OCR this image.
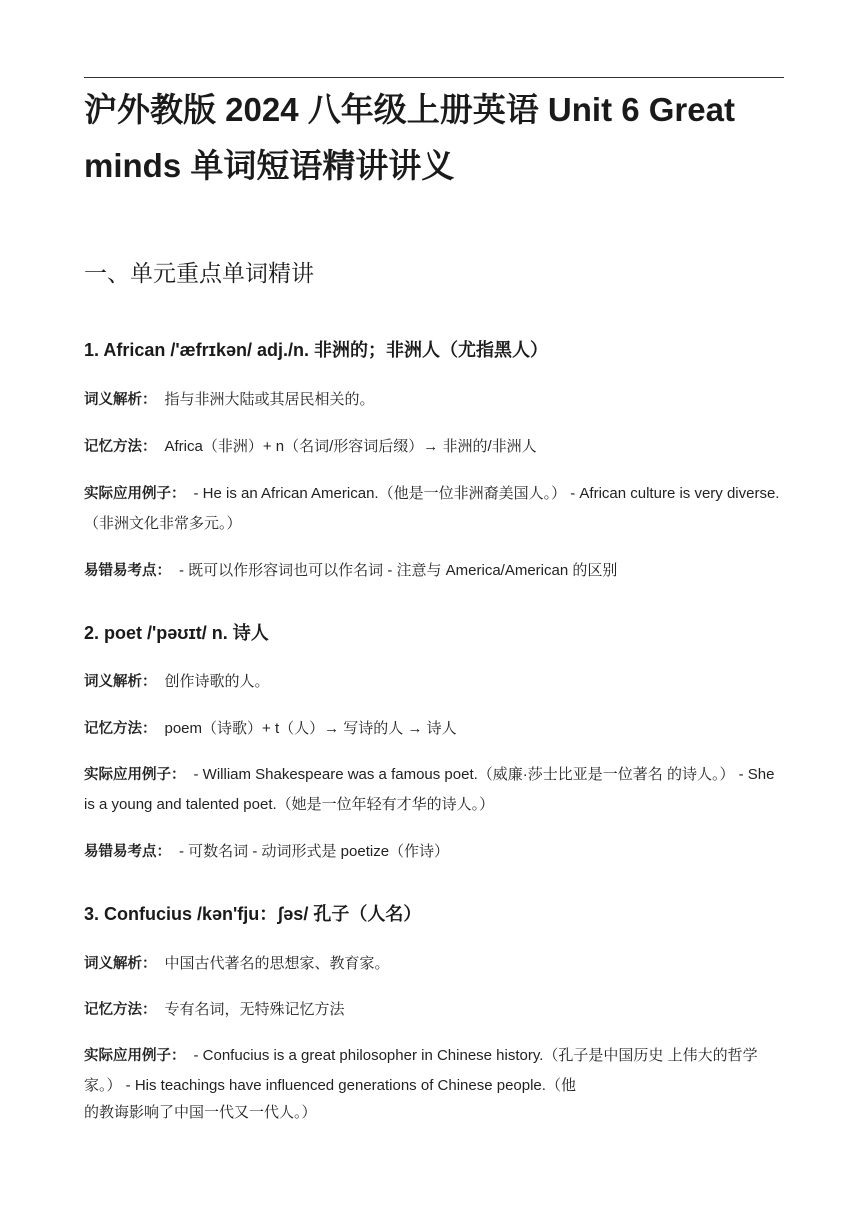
沪外教版 2024 八年级上册英语 Unit 6 Great minds 单词短语精讲讲义
一、单元重点单词精讲
1. African /'æfrɪkən/ adj./n. 非洲的；非洲人（尤指黑人）

词义解析： 指与非洲大陆或其居民相关的。

记忆方法： Africa（非洲）+ n（名词/形容词后缀）→ 非洲的/非洲人

实际应用例子： - He is an African American.（他是一位非洲裔美国人。） - African culture is very diverse.（非洲文化非常多元。）

易错易考点： - 既可以作形容词也可以作名词 - 注意与 America/American 的区别

2. poet /'pəʊɪt/ n. 诗人

词义解析： 创作诗歌的人。

记忆方法： poem（诗歌）+ t（人）→ 写诗的人 → 诗人

实际应用例子： - William Shakespeare was a famous poet.（威廉·莎士比亚是一位著名 的诗人。） - She is a young and talented poet.（她是一位年轻有才华的诗人。）

易错易考点： - 可数名词 - 动词形式是 poetize（作诗）

3. Confucius /kən'fju：ʃəs/ 孔子（人名）

词义解析： 中国古代著名的思想家、教育家。

记忆方法： 专有名词，无特殊记忆方法

实际应用例子： - Confucius is a great philosopher in Chinese history.（孔子是中国历史 上伟大的哲学家。） - His teachings have influenced generations of Chinese people.（他

的教诲影响了中国一代又一代人。）
